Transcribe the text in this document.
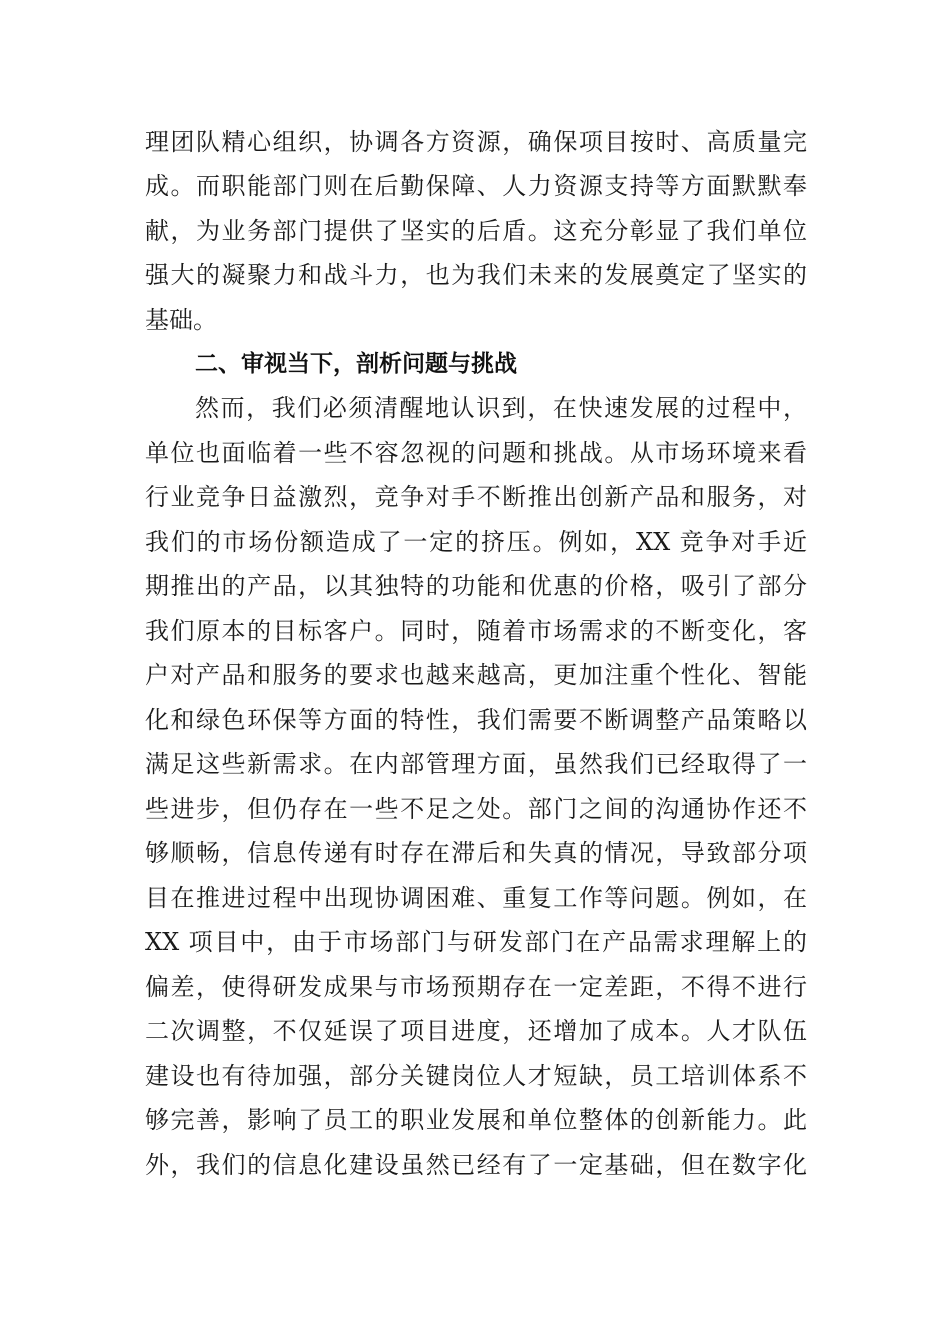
理团队精心组织，协调各方资源，确保项目按时、高质量完
成。而职能部门则在后勤保障、人力资源支持等方面默默奉
献，为业务部门提供了坚实的后盾。这充分彰显了我们单位
强大的凝聚力和战斗力，也为我们未来的发展奠定了坚实的
基础。
二、审视当下，剖析问题与挑战
然而，我们必须清醒地认识到，在快速发展的过程中，
单位也面临着一些不容忽视的问题和挑战。从市场环境来看
行业竞争日益激烈，竞争对手不断推出创新产品和服务，对
我们的市场份额造成了一定的挤压。例如，XX 竞争对手近
期推出的产品，以其独特的功能和优惠的价格，吸引了部分
我们原本的目标客户。同时，随着市场需求的不断变化，客
户对产品和服务的要求也越来越高，更加注重个性化、智能
化和绿色环保等方面的特性，我们需要不断调整产品策略以
满足这些新需求。在内部管理方面，虽然我们已经取得了一
些进步，但仍存在一些不足之处。部门之间的沟通协作还不
够顺畅，信息传递有时存在滞后和失真的情况，导致部分项
目在推进过程中出现协调困难、重复工作等问题。例如，在
XX 项目中，由于市场部门与研发部门在产品需求理解上的
偏差，使得研发成果与市场预期存在一定差距，不得不进行
二次调整，不仅延误了项目进度，还增加了成本。人才队伍
建设也有待加强，部分关键岗位人才短缺，员工培训体系不
够完善，影响了员工的职业发展和单位整体的创新能力。此
外，我们的信息化建设虽然已经有了一定基础，但在数字化
